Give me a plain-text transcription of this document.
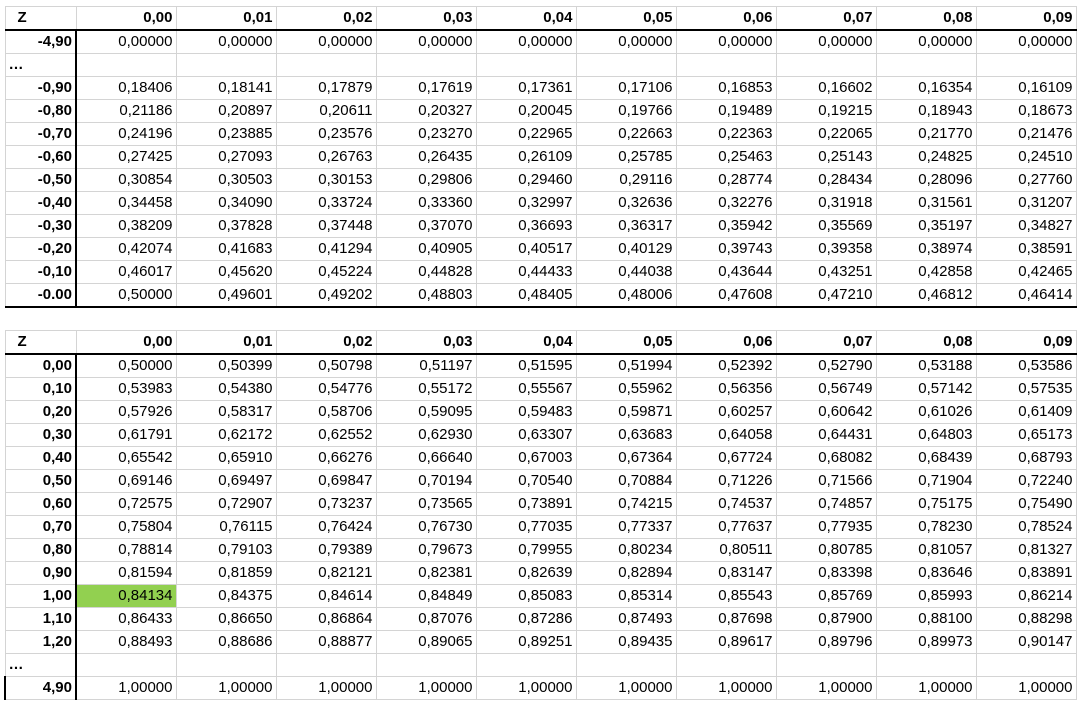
Z	0,00	0,01	0,02	0,03	0,04	0,05	0,06	0,07	0,08	0,09
-4,90	0,00000	0,00000	0,00000	0,00000	0,00000	0,00000	0,00000	0,00000	0,00000	0,00000
…										
-0,90	0,18406	0,18141	0,17879	0,17619	0,17361	0,17106	0,16853	0,16602	0,16354	0,16109
-0,80	0,21186	0,20897	0,20611	0,20327	0,20045	0,19766	0,19489	0,19215	0,18943	0,18673
-0,70	0,24196	0,23885	0,23576	0,23270	0,22965	0,22663	0,22363	0,22065	0,21770	0,21476
-0,60	0,27425	0,27093	0,26763	0,26435	0,26109	0,25785	0,25463	0,25143	0,24825	0,24510
-0,50	0,30854	0,30503	0,30153	0,29806	0,29460	0,29116	0,28774	0,28434	0,28096	0,27760
-0,40	0,34458	0,34090	0,33724	0,33360	0,32997	0,32636	0,32276	0,31918	0,31561	0,31207
-0,30	0,38209	0,37828	0,37448	0,37070	0,36693	0,36317	0,35942	0,35569	0,35197	0,34827
-0,20	0,42074	0,41683	0,41294	0,40905	0,40517	0,40129	0,39743	0,39358	0,38974	0,38591
-0,10	0,46017	0,45620	0,45224	0,44828	0,44433	0,44038	0,43644	0,43251	0,42858	0,42465
-0.00	0,50000	0,49601	0,49202	0,48803	0,48405	0,48006	0,47608	0,47210	0,46812	0,46414

Z	0,00	0,01	0,02	0,03	0,04	0,05	0,06	0,07	0,08	0,09
0,00	0,50000	0,50399	0,50798	0,51197	0,51595	0,51994	0,52392	0,52790	0,53188	0,53586
0,10	0,53983	0,54380	0,54776	0,55172	0,55567	0,55962	0,56356	0,56749	0,57142	0,57535
0,20	0,57926	0,58317	0,58706	0,59095	0,59483	0,59871	0,60257	0,60642	0,61026	0,61409
0,30	0,61791	0,62172	0,62552	0,62930	0,63307	0,63683	0,64058	0,64431	0,64803	0,65173
0,40	0,65542	0,65910	0,66276	0,66640	0,67003	0,67364	0,67724	0,68082	0,68439	0,68793
0,50	0,69146	0,69497	0,69847	0,70194	0,70540	0,70884	0,71226	0,71566	0,71904	0,72240
0,60	0,72575	0,72907	0,73237	0,73565	0,73891	0,74215	0,74537	0,74857	0,75175	0,75490
0,70	0,75804	0,76115	0,76424	0,76730	0,77035	0,77337	0,77637	0,77935	0,78230	0,78524
0,80	0,78814	0,79103	0,79389	0,79673	0,79955	0,80234	0,80511	0,80785	0,81057	0,81327
0,90	0,81594	0,81859	0,82121	0,82381	0,82639	0,82894	0,83147	0,83398	0,83646	0,83891
1,00	0,84134	0,84375	0,84614	0,84849	0,85083	0,85314	0,85543	0,85769	0,85993	0,86214
1,10	0,86433	0,86650	0,86864	0,87076	0,87286	0,87493	0,87698	0,87900	0,88100	0,88298
1,20	0,88493	0,88686	0,88877	0,89065	0,89251	0,89435	0,89617	0,89796	0,89973	0,90147
…										
4,90	1,00000	1,00000	1,00000	1,00000	1,00000	1,00000	1,00000	1,00000	1,00000	1,00000
